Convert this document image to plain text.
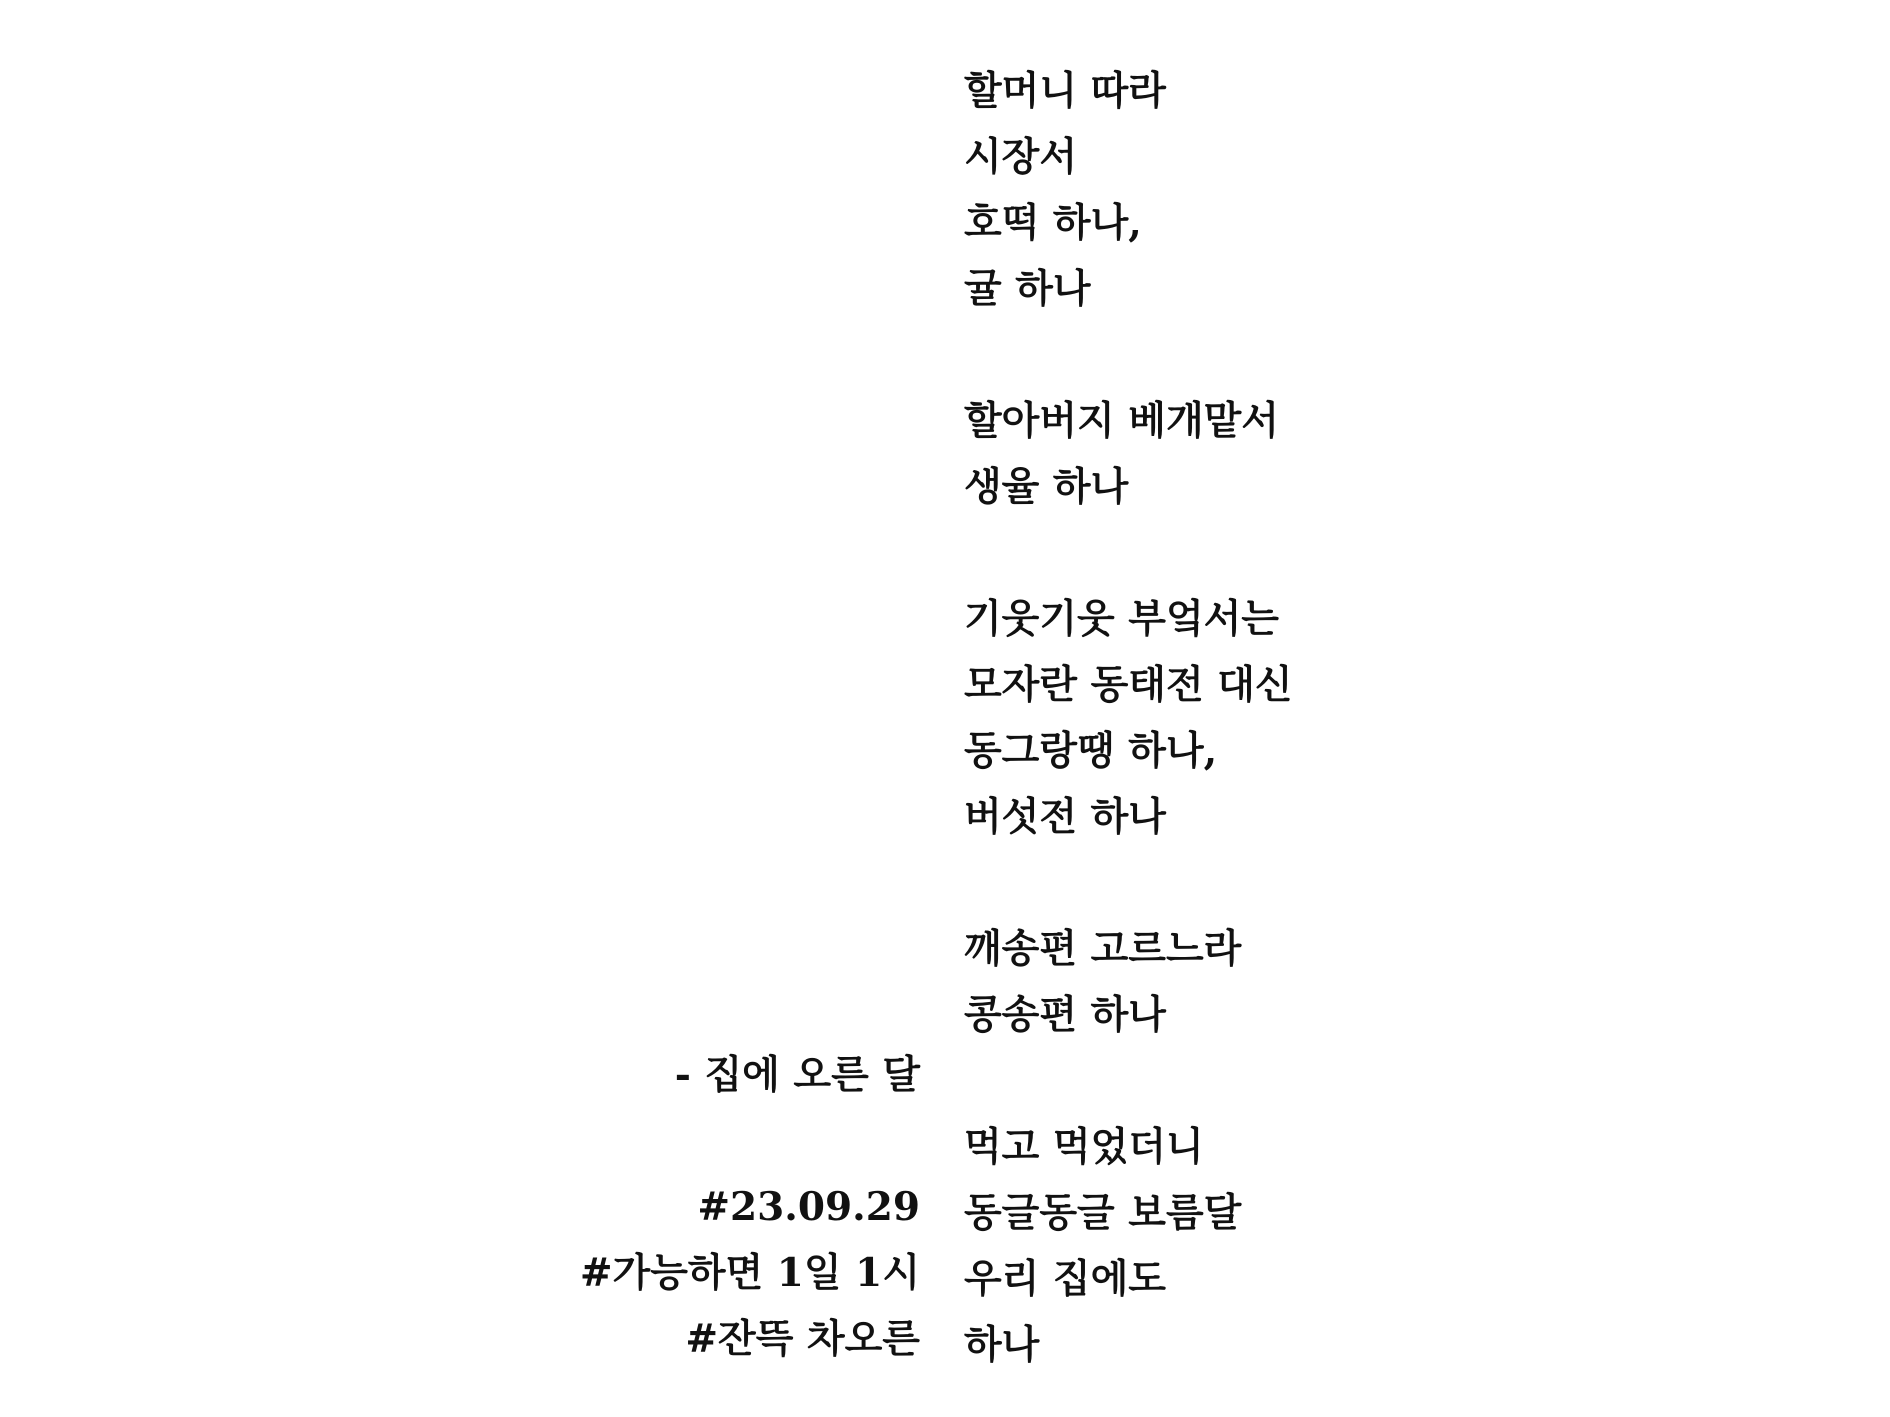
할머니 따라
시장서
호떡 하나,
귤 하나
할아버지 베개맡서
생율 하나
기웃기웃 부엌서는
모자란 동태전 대신
동그랑땡 하나,
버섯전 하나
깨송편 고르느라
콩송편 하나
먹고 먹었더니
동글동글 보름달
우리 집에도
하나
- 집에 오른 달
#23.09.29
#가능하면 1일 1시
#잔뜩 차오른
